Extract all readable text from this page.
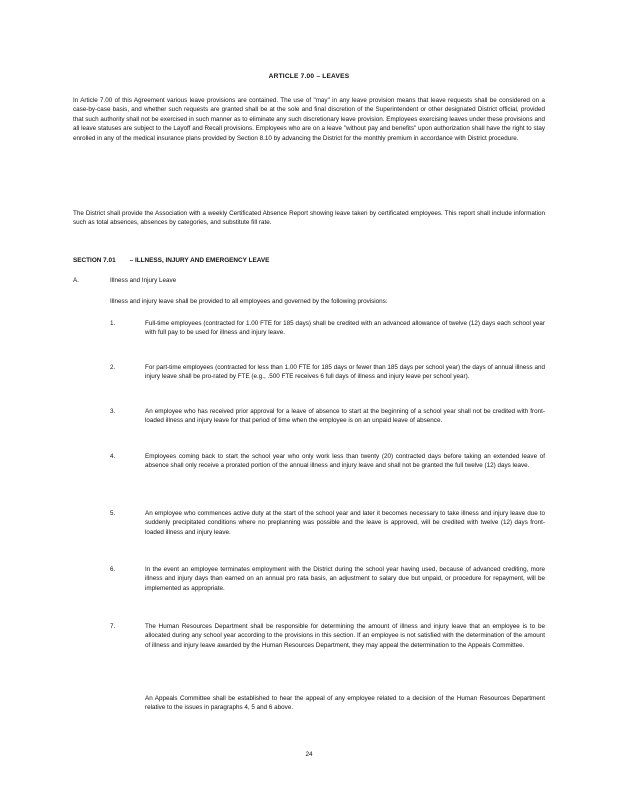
ARTICLE 7.00 – LEAVES
In Article 7.00 of this Agreement various leave provisions are contained. The use of "may" in any leave provision means that leave requests shall be considered on a case-by-case basis, and whether such requests are granted shall be at the sole and final discretion of the Superintendent or other designated District official, provided that such authority shall not be exercised in such manner as to eliminate any such discretionary leave provision. Employees exercising leaves under these provisions and all leave statuses are subject to the Layoff and Recall provisions. Employees who are on a leave "without pay and benefits" upon authorization shall have the right to stay enrolled in any of the medical insurance plans provided by Section 8.10 by advancing the District for the monthly premium in accordance with District procedure.
The District shall provide the Association with a weekly Certificated Absence Report showing leave taken by certificated employees. This report shall include information such as total absences, absences by categories, and substitute fill rate.
SECTION 7.01 – ILLNESS, INJURY AND EMERGENCY LEAVE
A.	Illness and Injury Leave
Illness and injury leave shall be provided to all employees and governed by the following provisions:
1.	Full-time employees (contracted for 1.00 FTE for 185 days) shall be credited with an advanced allowance of twelve (12) days each school year with full pay to be used for illness and injury leave.
2.	For part-time employees (contracted for less than 1.00 FTE for 185 days or fewer than 185 days per school year) the days of annual illness and injury leave shall be pro-rated by FTE (e.g., .500 FTE receives 6 full days of illness and injury leave per school year).
3.	An employee who has received prior approval for a leave of absence to start at the beginning of a school year shall not be credited with front-loaded illness and injury leave for that period of time when the employee is on an unpaid leave of absence.
4.	Employees coming back to start the school year who only work less than twenty (20) contracted days before taking an extended leave of absence shall only receive a prorated portion of the annual illness and injury leave and shall not be granted the full twelve (12) days leave.
5.	An employee who commences active duty at the start of the school year and later it becomes necessary to take illness and injury leave due to suddenly precipitated conditions where no preplanning was possible and the leave is approved, will be credited with twelve (12) days front-loaded illness and injury leave.
6.	In the event an employee terminates employment with the District during the school year having used, because of advanced crediting, more illness and injury days than earned on an annual pro rata basis, an adjustment to salary due but unpaid, or procedure for repayment, will be implemented as appropriate.
7.	The Human Resources Department shall be responsible for determining the amount of illness and injury leave that an employee is to be allocated during any school year according to the provisions in this section. If an employee is not satisfied with the determination of the amount of illness and injury leave awarded by the Human Resources Department, they may appeal the determination to the Appeals Committee.
An Appeals Committee shall be established to hear the appeal of any employee related to a decision of the Human Resources Department relative to the issues in paragraphs 4, 5 and 6 above.
24
